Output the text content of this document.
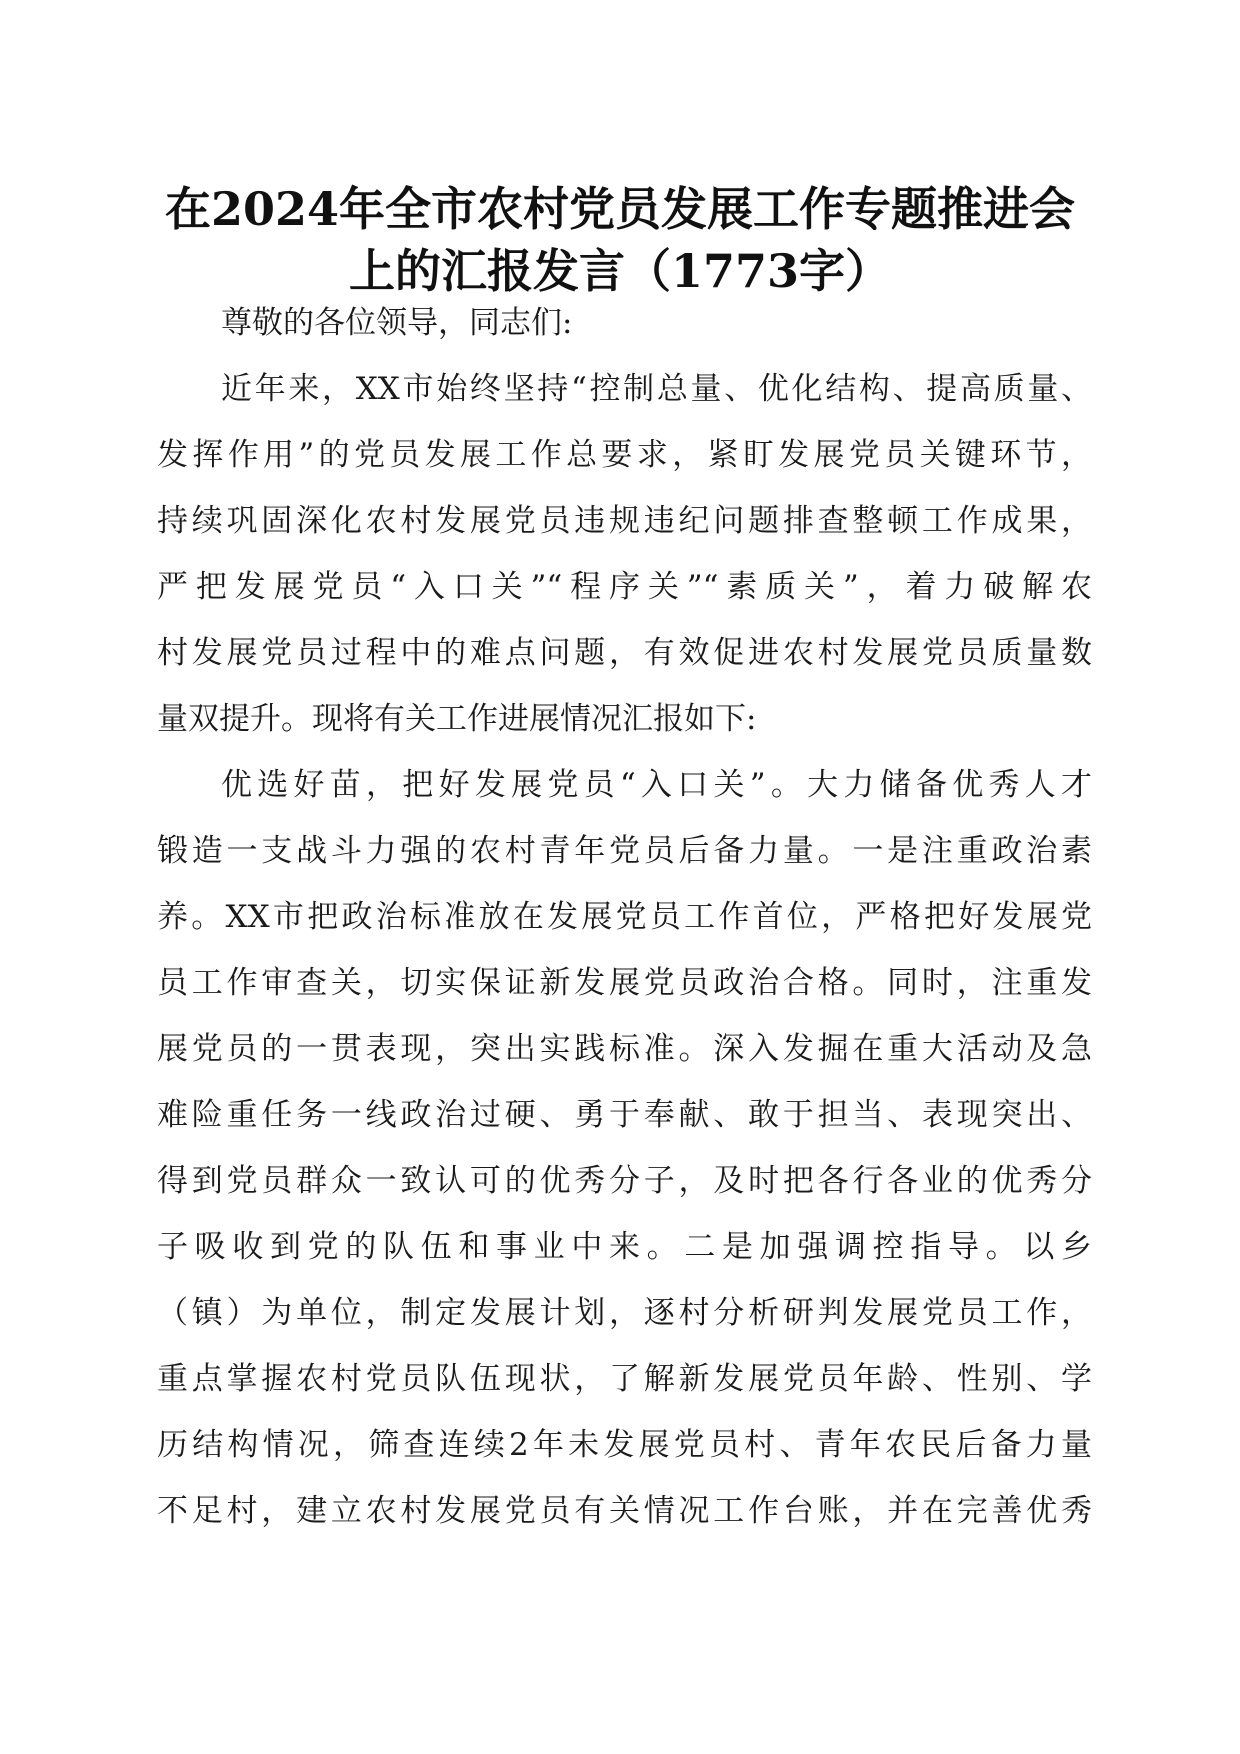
在2024年全市农村党员发展工作专题推进会
上的汇报发言（1773字）
尊敬的各位领导，同志们:
近年来，XX市始终坚持“控制总量、优化结构、提高质量、
发挥作用”的党员发展工作总要求，紧盯发展党员关键环节，
持续巩固深化农村发展党员违规违纪问题排查整顿工作成果，
严把发展党员“入口关”“程序关”“素质关”，着力破解农
村发展党员过程中的难点问题，有效促进农村发展党员质量数
量双提升。现将有关工作进展情况汇报如下:
优选好苗，把好发展党员“入口关”。大力储备优秀人才
锻造一支战斗力强的农村青年党员后备力量。一是注重政治素
养。XX市把政治标准放在发展党员工作首位，严格把好发展党
员工作审查关，切实保证新发展党员政治合格。同时，注重发
展党员的一贯表现，突出实践标准。深入发掘在重大活动及急
难险重任务一线政治过硬、勇于奉献、敢于担当、表现突出、
得到党员群众一致认可的优秀分子，及时把各行各业的优秀分
子吸收到党的队伍和事业中来。二是加强调控指导。以乡
（镇）为单位，制定发展计划，逐村分析研判发展党员工作，
重点掌握农村党员队伍现状，了解新发展党员年龄、性别、学
历结构情况，筛查连续2年未发展党员村、青年农民后备力量
不足村，建立农村发展党员有关情况工作台账，并在完善优秀
